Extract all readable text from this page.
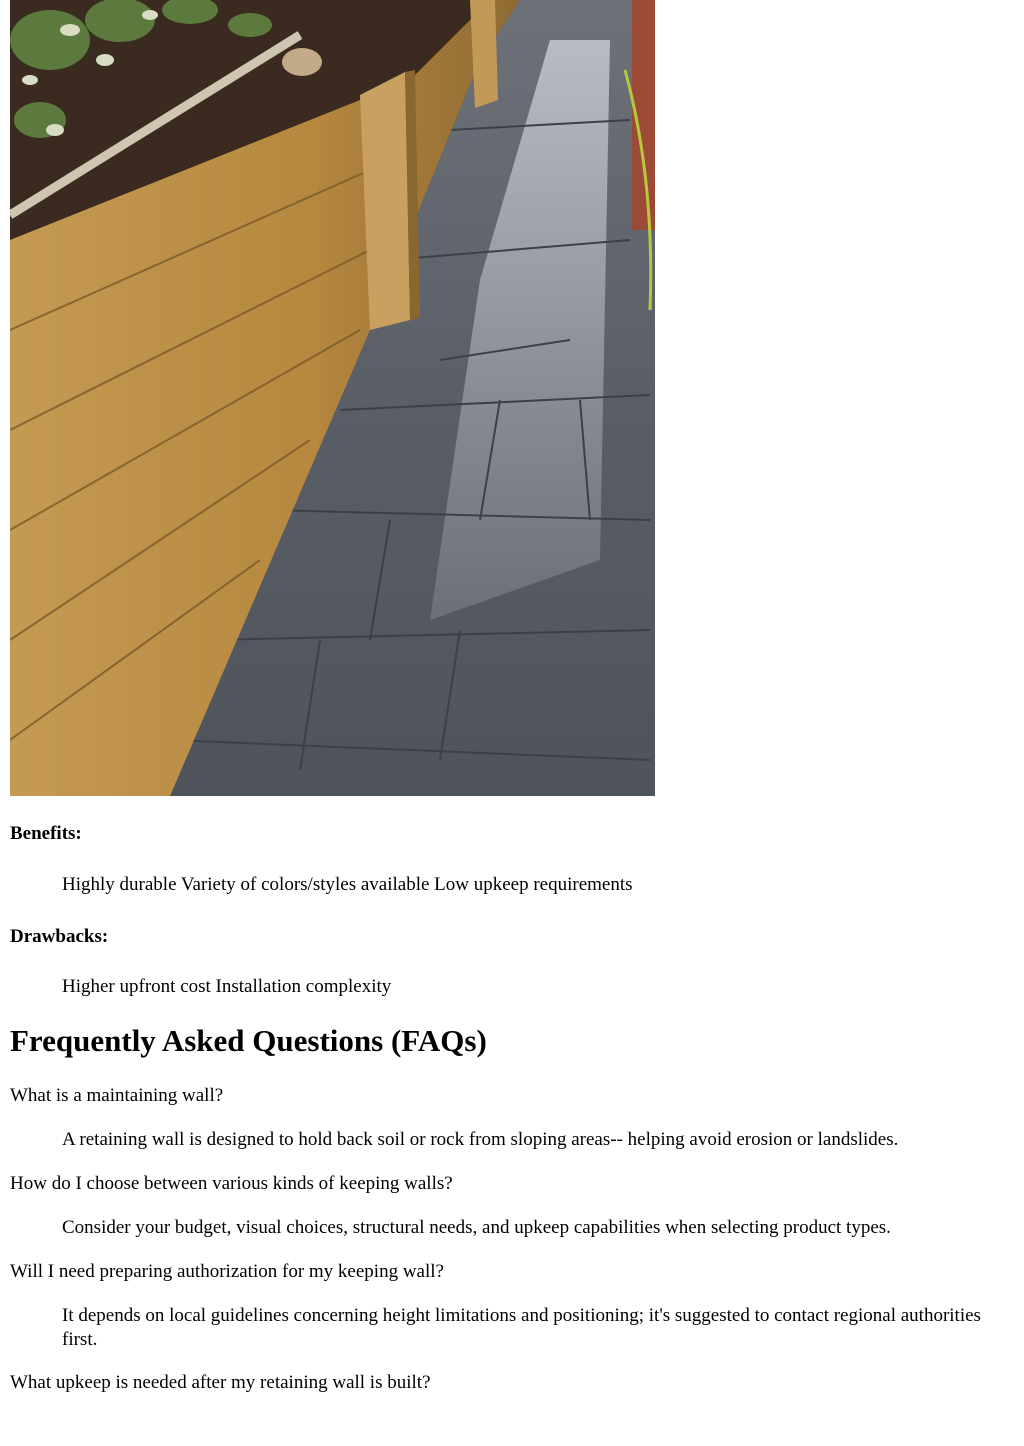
Benefits:

Highly durable Variety of colors/styles available Low upkeep requirements

Drawbacks:

Higher upfront cost Installation complexity

Frequently Asked Questions (FAQs)

What is a maintaining wall?

A retaining wall is designed to hold back soil or rock from sloping areas-- helping avoid erosion or landslides.

How do I choose between various kinds of keeping walls?

Consider your budget, visual choices, structural needs, and upkeep capabilities when selecting product types.

Will I need preparing authorization for my keeping wall?

It depends on local guidelines concerning height limitations and positioning; it's suggested to contact regional authorities first.

What upkeep is needed after my retaining wall is built?
